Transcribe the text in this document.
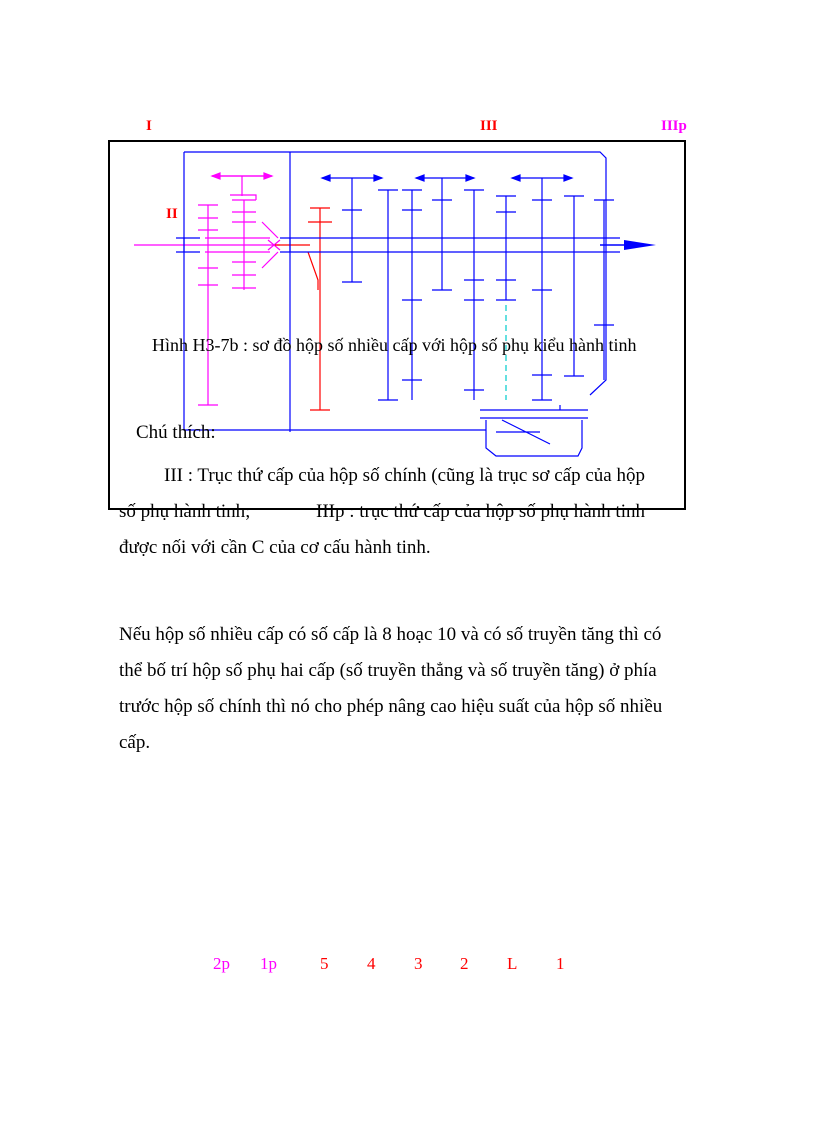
I	III	IIIp
II
Hình H3-7b : sơ đồ hộp số nhiều cấp với hộp số phụ kiểu hành tinh
Chú thích:
III : Trục thứ cấp của hộp số chính (cũng là trục sơ cấp của hộp
số phụ hành tinh;	IIIp : trục thứ cấp của hộp số phụ hành tinh
được nối với cần C của cơ cấu hành tinh.
Nếu hộp số nhiều cấp có số cấp là 8 hoạc 10 và có số truyền tăng thì có
thể bố trí hộp số phụ hai cấp (số truyền thẳng và số truyền tăng) ở phía
trước hộp số chính thì nó cho phép nâng cao hiệu suất của hộp số nhiều
cấp.
2p 1p	5 4 3 2 L 1
